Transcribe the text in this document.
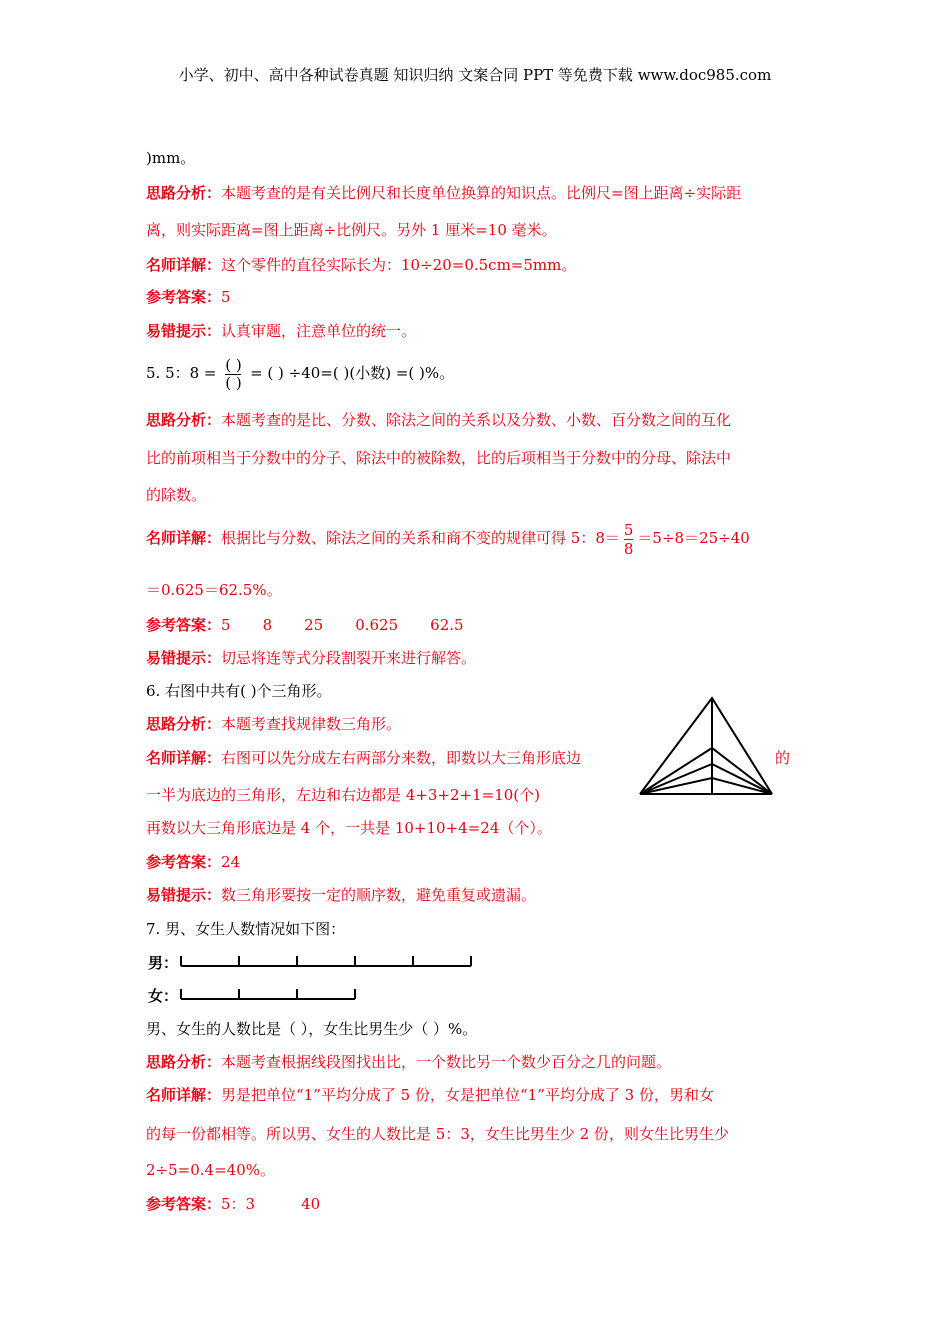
小学、初中、高中各种试卷真题 知识归纳 文案合同 PPT 等免费下载 www.doc985.com
)mm。
思路分析：本题考查的是有关比例尺和长度单位换算的知识点。比例尺=图上距离÷实际距
离，则实际距离=图上距离÷比例尺。另外 1 厘米=10 毫米。
名师详解：这个零件的直径实际长为：10÷20=0.5cm=5mm。
参考答案：5
易错提示：认真审题，注意单位的统一。
5. 5：$8 = \frac{( )}{( )}$ = ( ) ÷40=( )(小数) =( )%。
思路分析：本题考查的是比、分数、除法之间的关系以及分数、小数、百分数之间的互化
比的前项相当于分数中的分子、除法中的被除数，比的后项相当于分数中的分母、除法中
的除数。
名师详解：根据比与分数、除法之间的关系和商不变的规律可得 5：$8= \frac{5}{8} =5\div 8=25\div 40$
＝0.625＝62.5%。
参考答案：5 8 25 0.625 62.5
易错提示：切忌将连等式分段割裂开来进行解答。
6. 右图中共有( )个三角形。
思路分析：本题考查找规律数三角形。
名师详解：右图可以先分成左右两部分来数，即数以大三角形底边	的
一半为底边的三角形，左边和右边都是 4+3+2+1=10(个)
再数以大三角形底边是 4 个，一共是 10+10+4=24（个）。
参考答案：24
易错提示：数三角形要按一定的顺序数，避免重复或遗漏。
7. 男、女生人数情况如下图：
男：
女：
男、女生的人数比是（ ），女生比男生少（ ）%。
思路分析：本题考查根据线段图找出比，一个数比另一个数少百分之几的问题。
名师详解：男是把单位“1”平均分成了 5 份，女是把单位“1”平均分成了 3 份，男和女
的每一份都相等。所以男、女生的人数比是 5：3，女生比男生少 2 份，则女生比男生少
2÷5=0.4=40%。
参考答案：5：3	40
